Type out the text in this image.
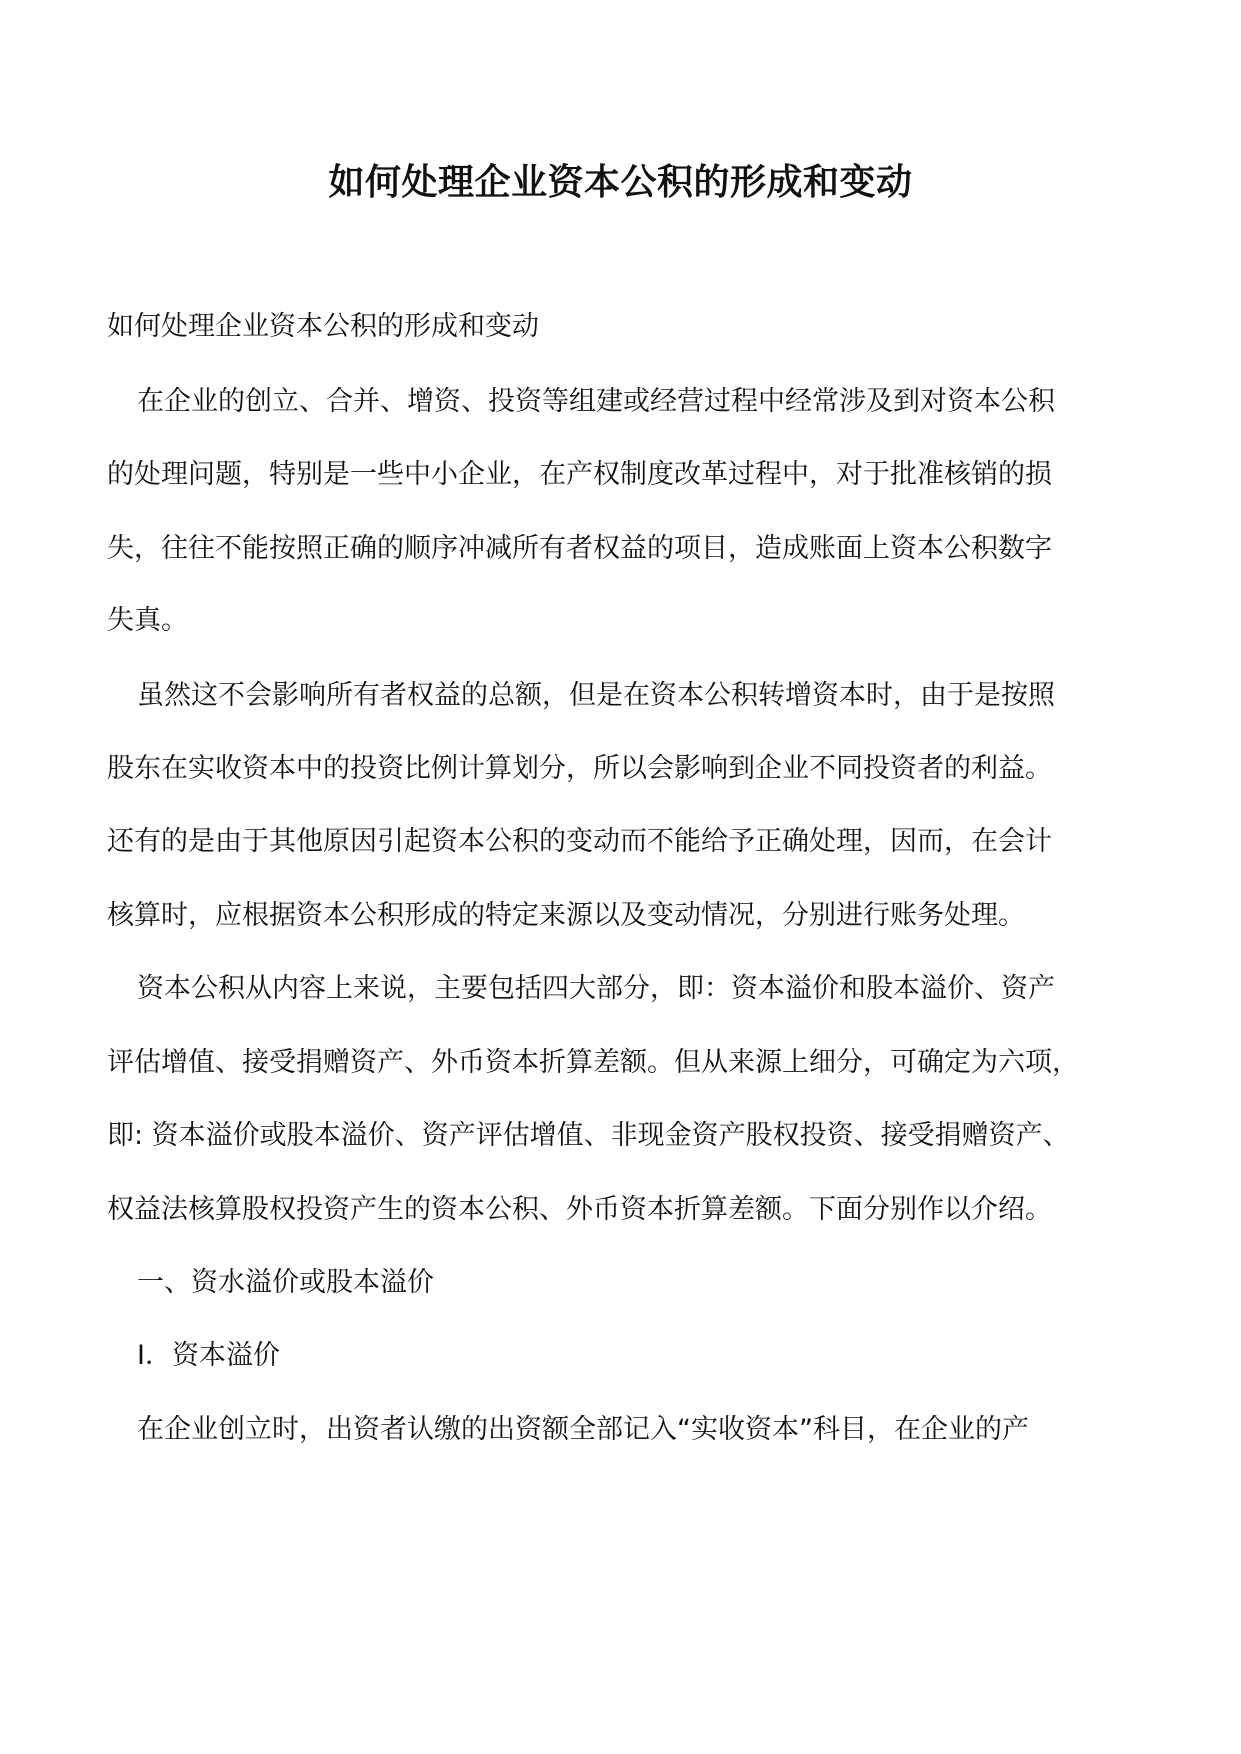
如何处理企业资本公积的形成和变动
如何处理企业资本公积的形成和变动
在企业的创立、合并、增资、投资等组建或经营过程中经常涉及到对资本公积
的处理问题，特别是一些中小企业，在产权制度改革过程中，对于批准核销的损
失，往往不能按照正确的顺序冲减所有者权益的项目，造成账面上资本公积数字
失真。
虽然这不会影响所有者权益的总额，但是在资本公积转增资本时，由于是按照
股东在实收资本中的投资比例计算划分，所以会影响到企业不同投资者的利益。
还有的是由于其他原因引起资本公积的变动而不能给予正确处理，因而，在会计
核算时，应根据资本公积形成的特定来源以及变动情况，分别进行账务处理。
资本公积从内容上来说，主要包括四大部分，即：资本溢价和股本溢价、资产
评估增值、接受捐赠资产、外币资本折算差额。但从来源上细分，可确定为六项，
即: 资本溢价或股本溢价、资产评估增值、非现金资产股权投资、接受捐赠资产、
权益法核算股权投资产生的资本公积、外币资本折算差额。下面分别作以介绍。
一、资水溢价或股本溢价
I．资本溢价
在企业创立时，出资者认缴的出资额全部记入“实收资本”科目，在企业的产
